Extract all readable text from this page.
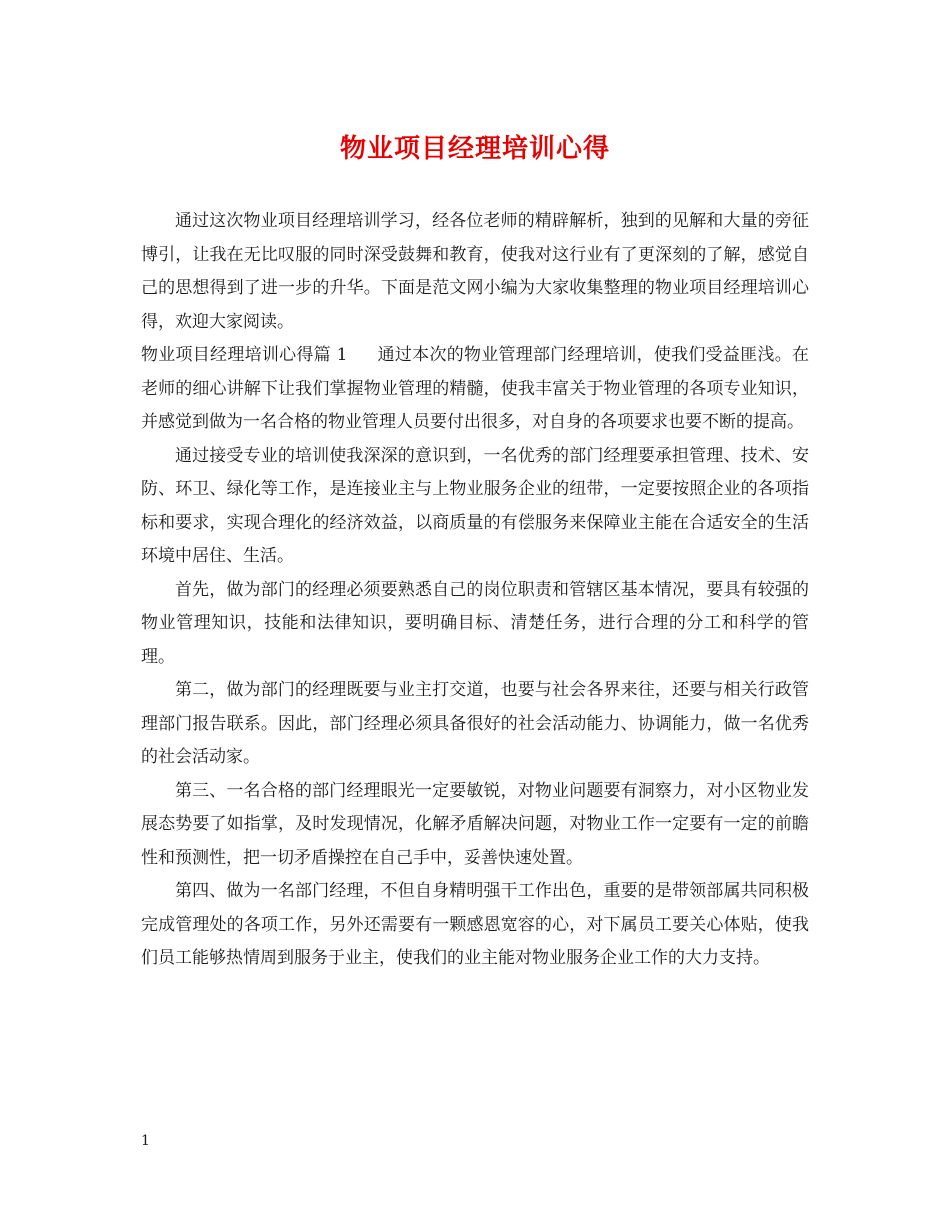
物业项目经理培训心得

通过这次物业项目经理培训学习，经各位老师的精辟解析，独到的见解和大量的旁征博引，让我在无比叹服的同时深受鼓舞和教育，使我对这行业有了更深刻的了解，感觉自己的思想得到了进一步的升华。下面是范文网小编为大家收集整理的物业项目经理培训心得，欢迎大家阅读。

物业项目经理培训心得篇 1 通过本次的物业管理部门经理培训，使我们受益匪浅。在老师的细心讲解下让我们掌握物业管理的精髓，使我丰富关于物业管理的各项专业知识，并感觉到做为一名合格的物业管理人员要付出很多，对自身的各项要求也要不断的提高。

通过接受专业的培训使我深深的意识到，一名优秀的部门经理要承担管理、技术、安防、环卫、绿化等工作，是连接业主与上物业服务企业的纽带，一定要按照企业的各项指标和要求，实现合理化的经济效益，以商质量的有偿服务来保障业主能在合适安全的生活环境中居住、生活。

首先，做为部门的经理必须要熟悉自己的岗位职责和管辖区基本情况，要具有较强的物业管理知识，技能和法律知识，要明确目标、清楚任务，进行合理的分工和科学的管理。

第二，做为部门的经理既要与业主打交道，也要与社会各界来往，还要与相关行政管理部门报告联系。因此，部门经理必须具备很好的社会活动能力、协调能力，做一名优秀的社会活动家。

第三、一名合格的部门经理眼光一定要敏锐，对物业问题要有洞察力，对小区物业发展态势要了如指掌，及时发现情况，化解矛盾解决问题，对物业工作一定要有一定的前瞻性和预测性，把一切矛盾操控在自己手中，妥善快速处置。

第四、做为一名部门经理，不但自身精明强干工作出色，重要的是带领部属共同积极完成管理处的各项工作，另外还需要有一颗感恩宽容的心，对下属员工要关心体贴，使我们员工能够热情周到服务于业主，使我们的业主能对物业服务企业工作的大力支持。

1
